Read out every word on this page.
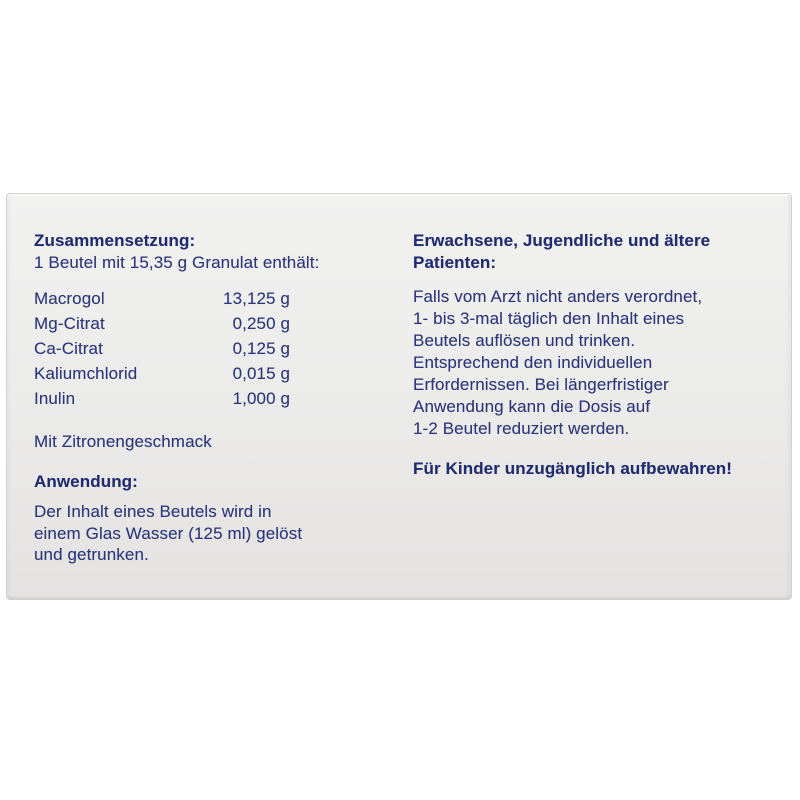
Zusammensetzung:
1 Beutel mit 15,35 g Granulat enthält:
Macrogol	13,125 g
Mg-Citrat	0,250 g
Ca-Citrat	0,125 g
Kaliumchlorid	0,015 g
Inulin	1,000 g
Mit Zitronengeschmack
Anwendung:
Der Inhalt eines Beutels wird in
einem Glas Wasser (125 ml) gelöst
und getrunken.
Erwachsene, Jugendliche und ältere
Patienten:
Falls vom Arzt nicht anders verordnet,
1- bis 3-mal täglich den Inhalt eines
Beutels auflösen und trinken.
Entsprechend den individuellen
Erfordernissen. Bei längerfristiger
Anwendung kann die Dosis auf
1-2 Beutel reduziert werden.
Für Kinder unzugänglich aufbewahren!
